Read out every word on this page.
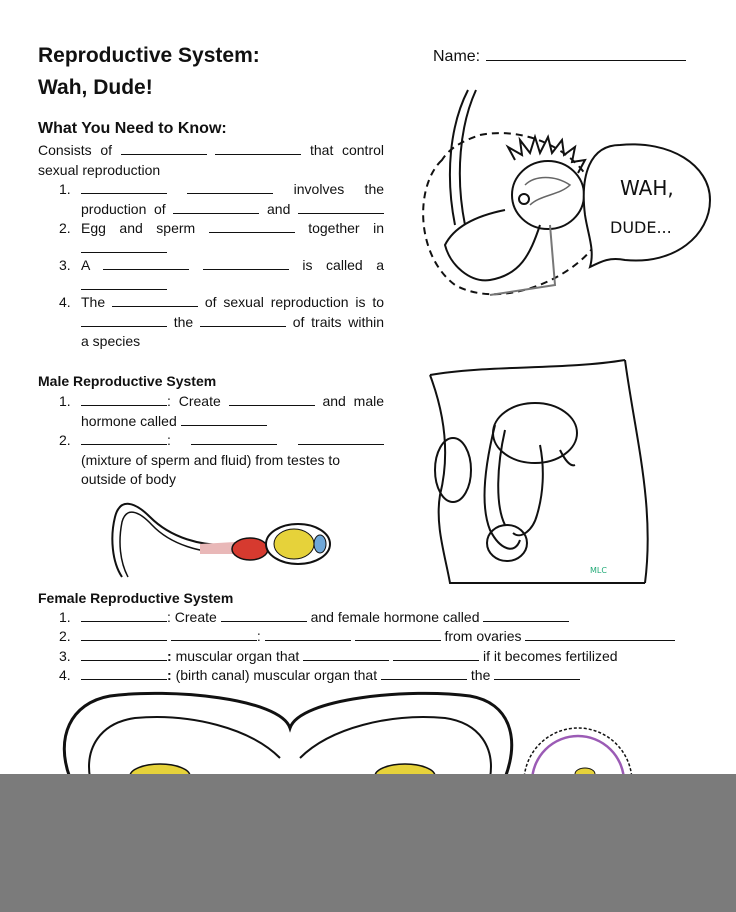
Reproductive System:
Wah, Dude!
Name:
What You Need to Know:
Consists of	that control
sexual reproduction
1.	involves the
production of	and
2. Egg and sperm	together in
3. A	is called a
4. The	of sexual reproduction is to
the	of traits within
a species
Male Reproductive System
1.	: Create	and male
hormone called
2.	:
(mixture of sperm and fluid) from testes to
outside of body
Female Reproductive System
1.	: Create	and female hormone called
2.	:	from ovaries
3.	: muscular organ that	if it becomes fertilized
4.	: (birth canal) muscular organ that	the
WAH,
DUDE...
MLC
